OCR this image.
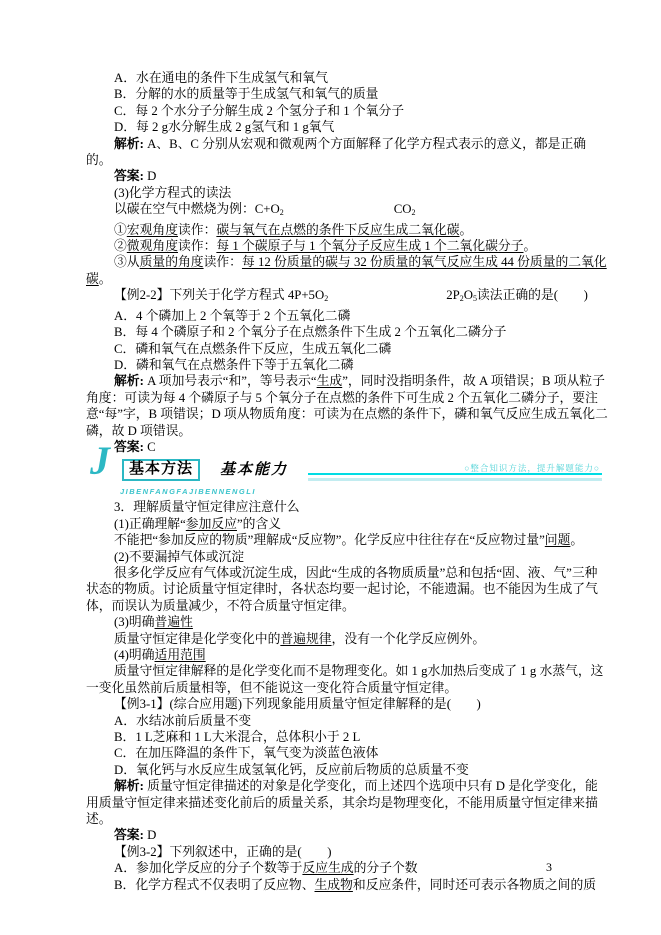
A．水在通电的条件下生成氢气和氧气

B．分解的水的质量等于生成氢气和氧气的质量

C．每 2 个水分子分解生成 2 个氢分子和 1 个氧分子

D．每 2 g水分解生成 2 g氢气和 1 g氧气

解析: A、B、C 分别从宏观和微观两个方面解释了化学方程式表示的意义，都是正确的。

答案: D

(3)化学方程式的读法

以碳在空气中燃烧为例：C+O2	CO2

①宏观角度读作：碳与氧气在点燃的条件下反应生成二氧化碳。

②微观角度读作：每 1 个碳原子与 1 个氧分子反应生成 1 个二氧化碳分子。

③从质量的角度读作：每 12 份质量的碳与 32 份质量的氧气反应生成 44 份质量的二氧化碳。

【例2-2】下列关于化学方程式 4P+5O2	2P2O5读法正确的是(　　)

A．4 个磷加上 2 个氧等于 2 个五氧化二磷

B．每 4 个磷原子和 2 个氧分子在点燃条件下生成 2 个五氧化二磷分子

C．磷和氧气在点燃条件下反应，生成五氧化二磷

D．磷和氧气在点燃条件下等于五氧化二磷

解析: A 项加号表示“和”，等号表示“生成”，同时没指明条件，故 A 项错误；B 项从粒子角度：可读为每 4 个磷原子与 5 个氧分子在点燃的条件下可生成 2 个五氧化二磷分子，要注意“每”字，B 项错误；D 项从物质角度：可读为在点燃的条件下，磷和氧气反应生成五氧化二磷，故 D 项错误。

答案: C

J	基本方法	基本能力
JIBENFANGFAJIBENNENGLI
○整合知识方法，提升解题能力○

3．理解质量守恒定律应注意什么

(1)正确理解“参加反应”的含义

不能把“参加反应的物质”理解成“反应物”。化学反应中往往存在“反应物过量”问题。

(2)不要漏掉气体或沉淀

很多化学反应有气体或沉淀生成，因此“生成的各物质质量”总和包括“固、液、气”三种状态的物质。讨论质量守恒定律时，各状态均要一起讨论，不能遗漏。也不能因为生成了气体，而误认为质量减少，不符合质量守恒定律。

(3)明确普遍性

质量守恒定律是化学变化中的普遍规律，没有一个化学反应例外。

(4)明确适用范围

质量守恒定律解释的是化学变化而不是物理变化。如 1 g水加热后变成了 1 g 水蒸气，这一变化虽然前后质量相等，但不能说这一变化符合质量守恒定律。

【例3-1】(综合应用题)下列现象能用质量守恒定律解释的是(　　)

A．水结冰前后质量不变

B．1 L芝麻和 1 L大米混合，总体积小于 2 L

C．在加压降温的条件下，氧气变为淡蓝色液体

D．氧化钙与水反应生成氢氧化钙，反应前后物质的总质量不变

解析: 质量守恒定律描述的对象是化学变化，而上述四个选项中只有 D 是化学变化，能用质量守恒定律来描述变化前后的质量关系，其余均是物理变化，不能用质量守恒定律来描述。

答案: D

【例3-2】下列叙述中，正确的是(　　)

A．参加化学反应的分子个数等于反应生成的分子个数

B．化学方程式不仅表明了反应物、生成物和反应条件，同时还可表示各物质之间的质

3
